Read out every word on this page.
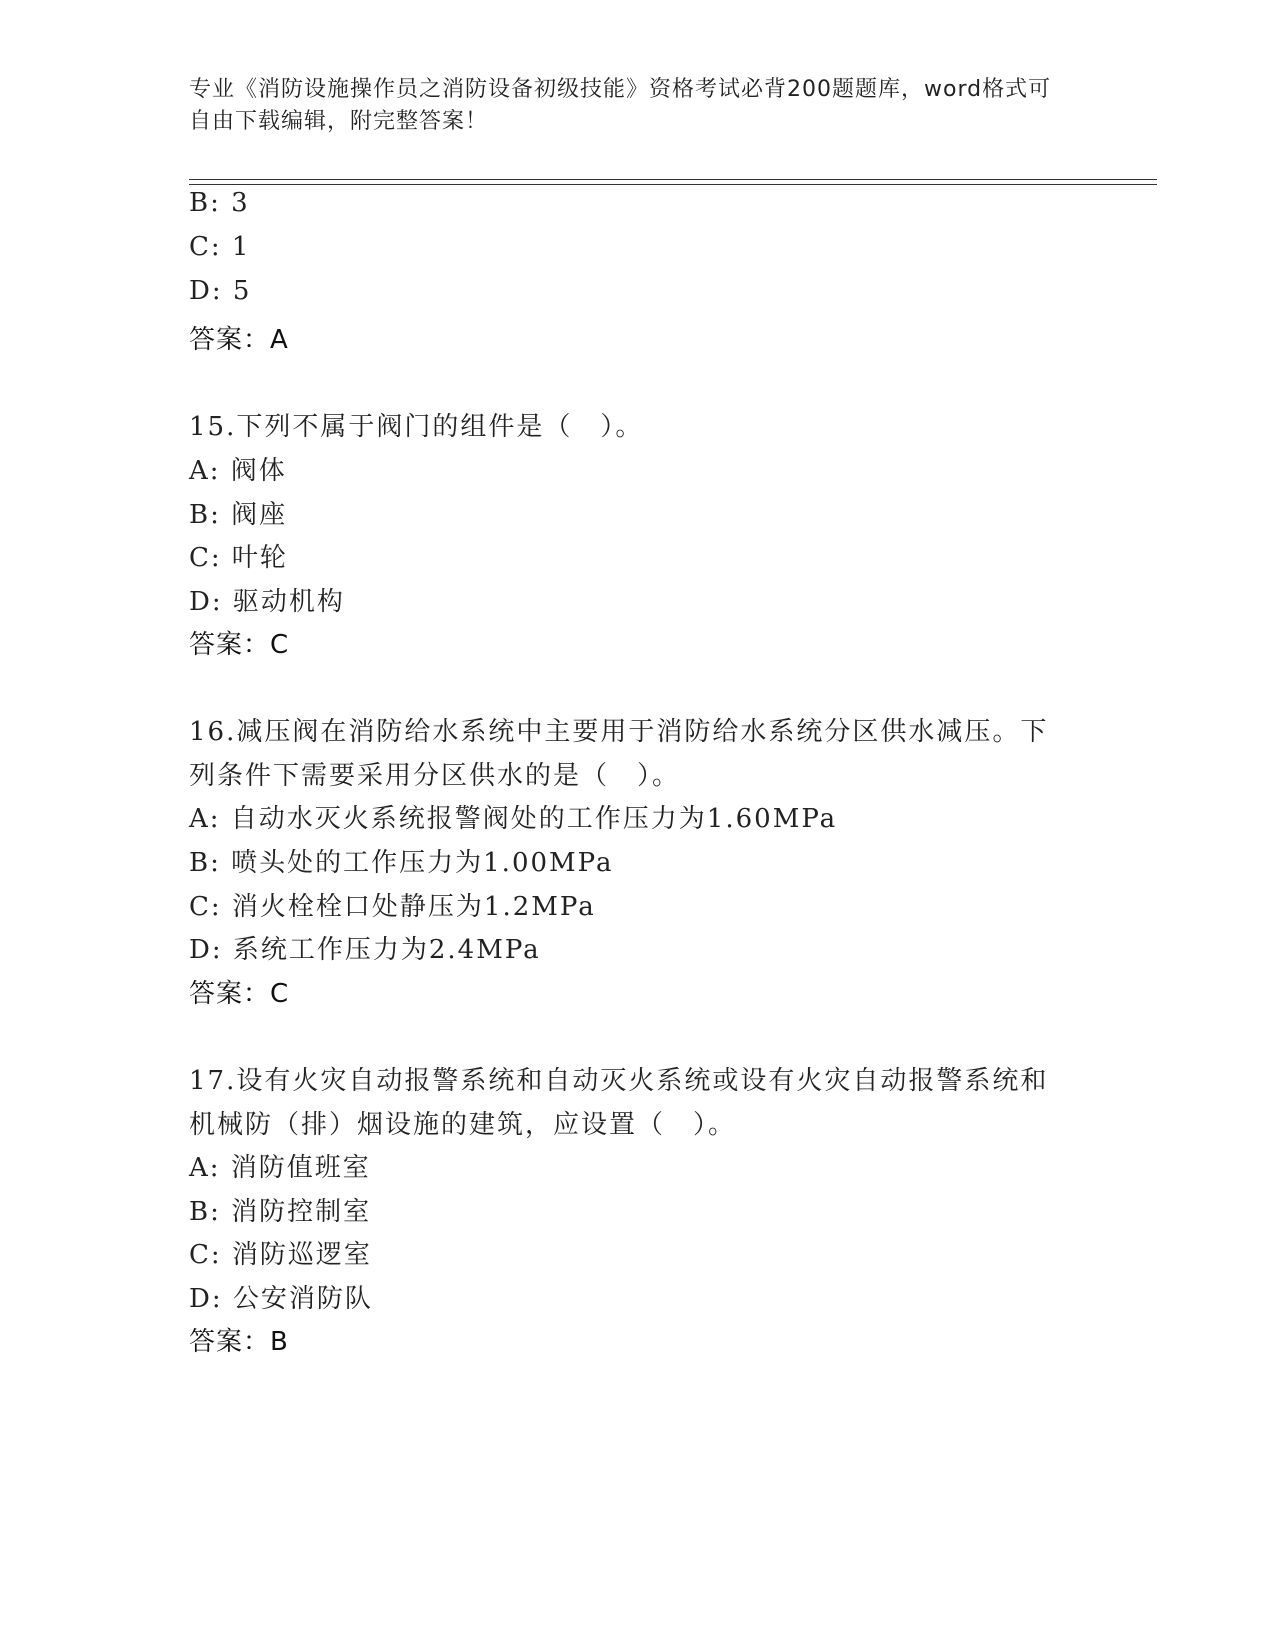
专业《消防设施操作员之消防设备初级技能》资格考试必背200题题库，word格式可自由下载编辑，附完整答案！
B: 3
C: 1
D: 5
答案：A
15.下列不属于阀门的组件是（　）。
A: 阀体
B: 阀座
C: 叶轮
D: 驱动机构
答案：C
16.减压阀在消防给水系统中主要用于消防给水系统分区供水减压。下
列条件下需要采用分区供水的是（　）。
A: 自动水灭火系统报警阀处的工作压力为1.60MPa
B: 喷头处的工作压力为1.00MPa
C: 消火栓栓口处静压为1.2MPa
D: 系统工作压力为2.4MPa
答案：C
17.设有火灾自动报警系统和自动灭火系统或设有火灾自动报警系统和
机械防（排）烟设施的建筑，应设置（　）。
A: 消防值班室
B: 消防控制室
C: 消防巡逻室
D: 公安消防队
答案：B
